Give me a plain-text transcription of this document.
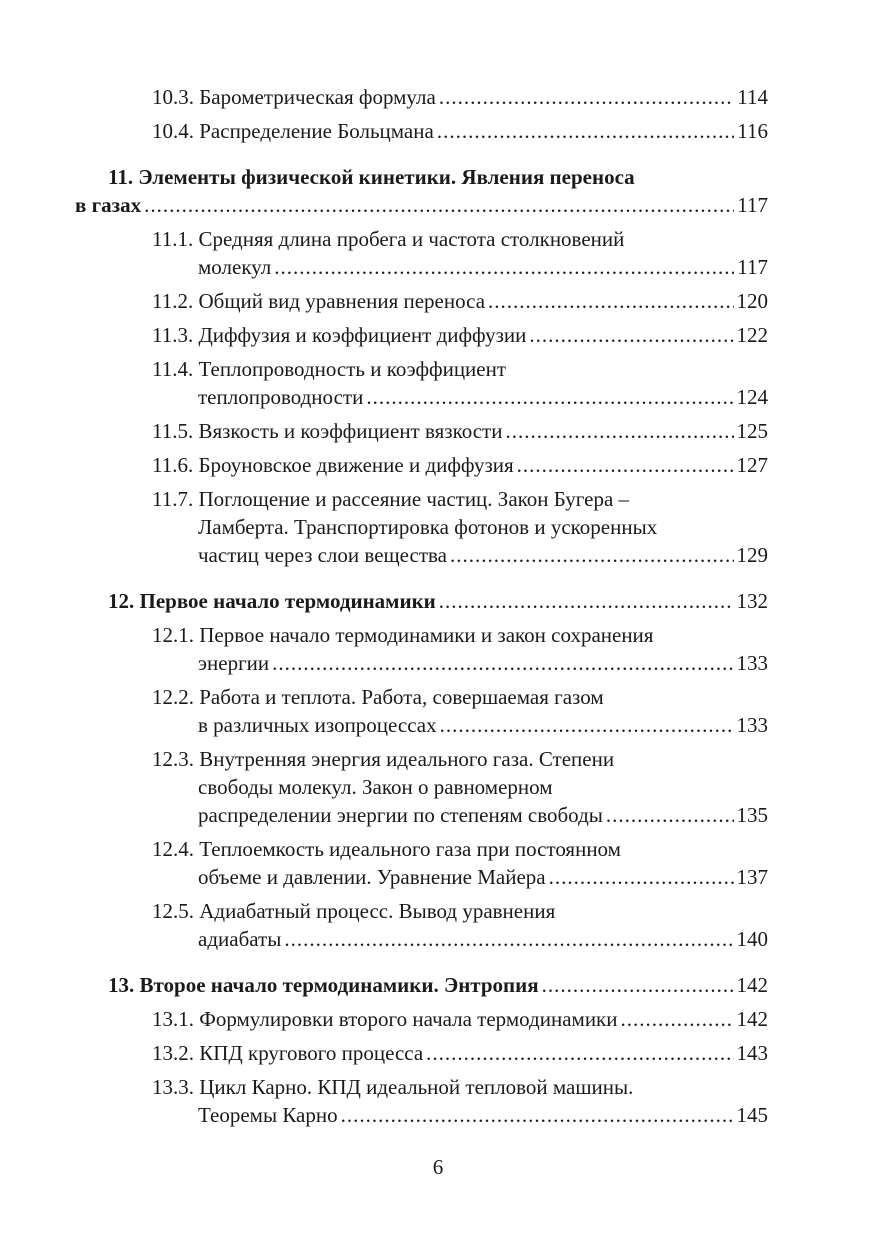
10.3. Барометрическая формула .....	114
10.4. Распределение Больцмана .....	116
11. Элементы физической кинетики. Явления переноса
в газах .....	117
11.1. Средняя длина пробега и частота столкновений
молекул .....	117
11.2. Общий вид уравнения переноса .....	120
11.3. Диффузия и коэффициент диффузии .....	122
11.4. Теплопроводность и коэффициент
теплопроводности .....	124
11.5. Вязкость и коэффициент вязкости .....	125
11.6. Броуновское движение и диффузия .....	127
11.7. Поглощение и рассеяние частиц. Закон Бугера –
Ламберта. Транспортировка фотонов и ускоренных
частиц через слои вещества .....	129
12. Первое начало термодинамики .....	132
12.1. Первое начало термодинамики и закон сохранения
энергии .....	133
12.2. Работа и теплота. Работа, совершаемая газом
в различных изопроцессах .....	133
12.3. Внутренняя энергия идеального газа. Степени
свободы молекул. Закон о равномерном
распределении энергии по степеням свободы .....	135
12.4. Теплоемкость идеального газа при постоянном
объеме и давлении. Уравнение Майера .....	137
12.5. Адиабатный процесс. Вывод уравнения
адиабаты .....	140
13. Второе начало термодинамики. Энтропия .....	142
13.1. Формулировки второго начала термодинамики .....	142
13.2. КПД кругового процесса .....	143
13.3. Цикл Карно. КПД идеальной тепловой машины.
Теоремы Карно .....	145
6
